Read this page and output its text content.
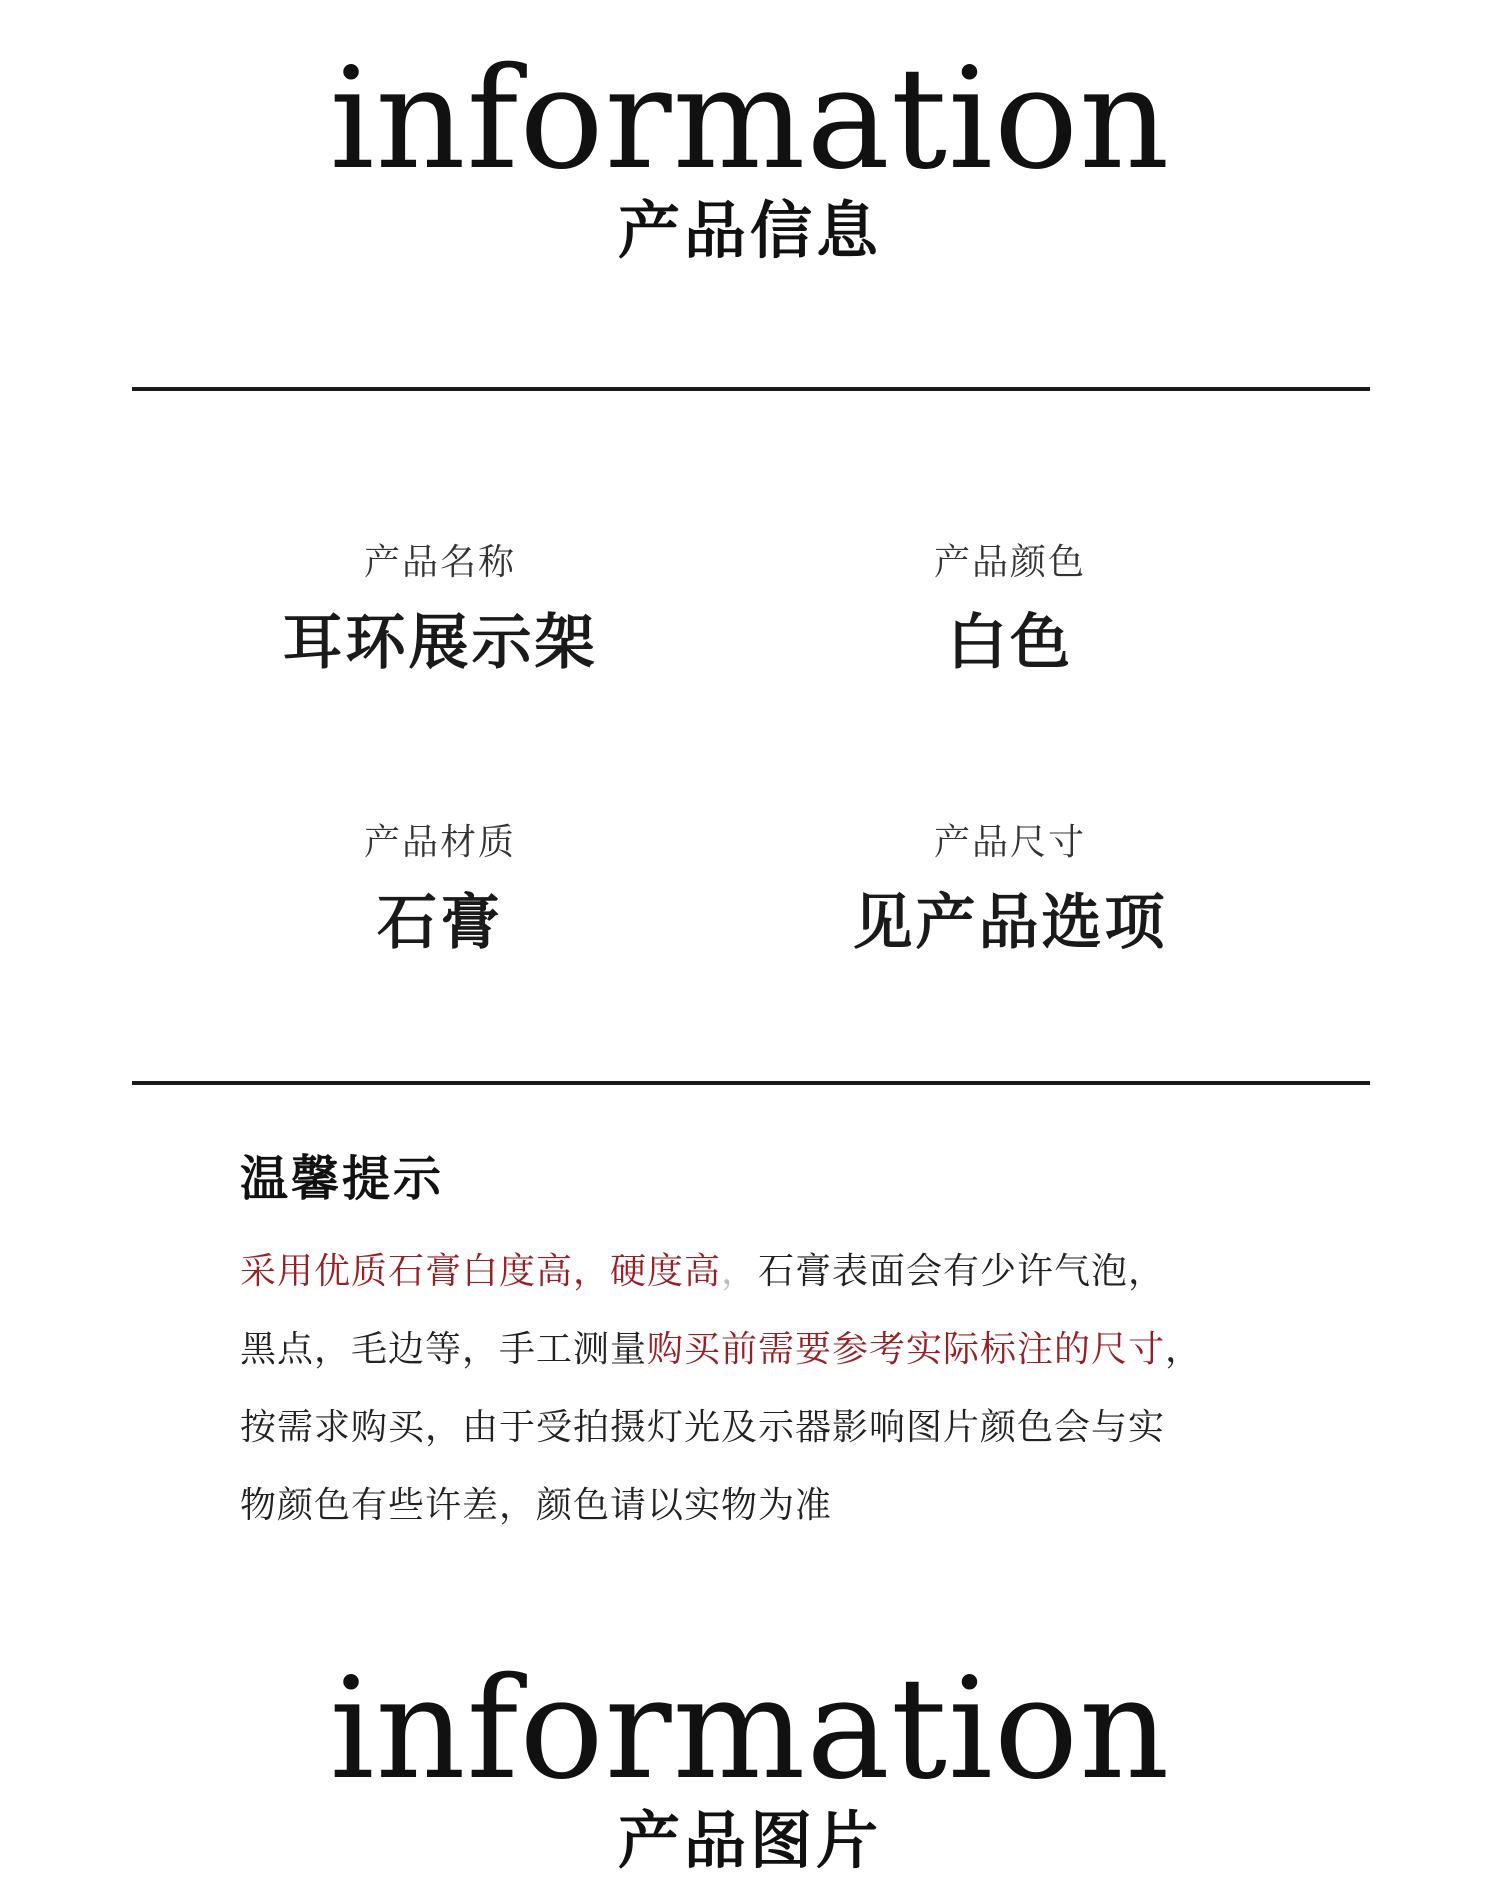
information
产品信息
产品名称
耳环展示架
产品颜色
白色
产品材质
石膏
产品尺寸
见产品选项
温馨提示
采用优质石膏白度高，硬度高，石膏表面会有少许气泡，
黑点，毛边等，手工测量购买前需要参考实际标注的尺寸，
按需求购买，由于受拍摄灯光及示器影响图片颜色会与实
物颜色有些许差，颜色请以实物为准
information
产品图片
